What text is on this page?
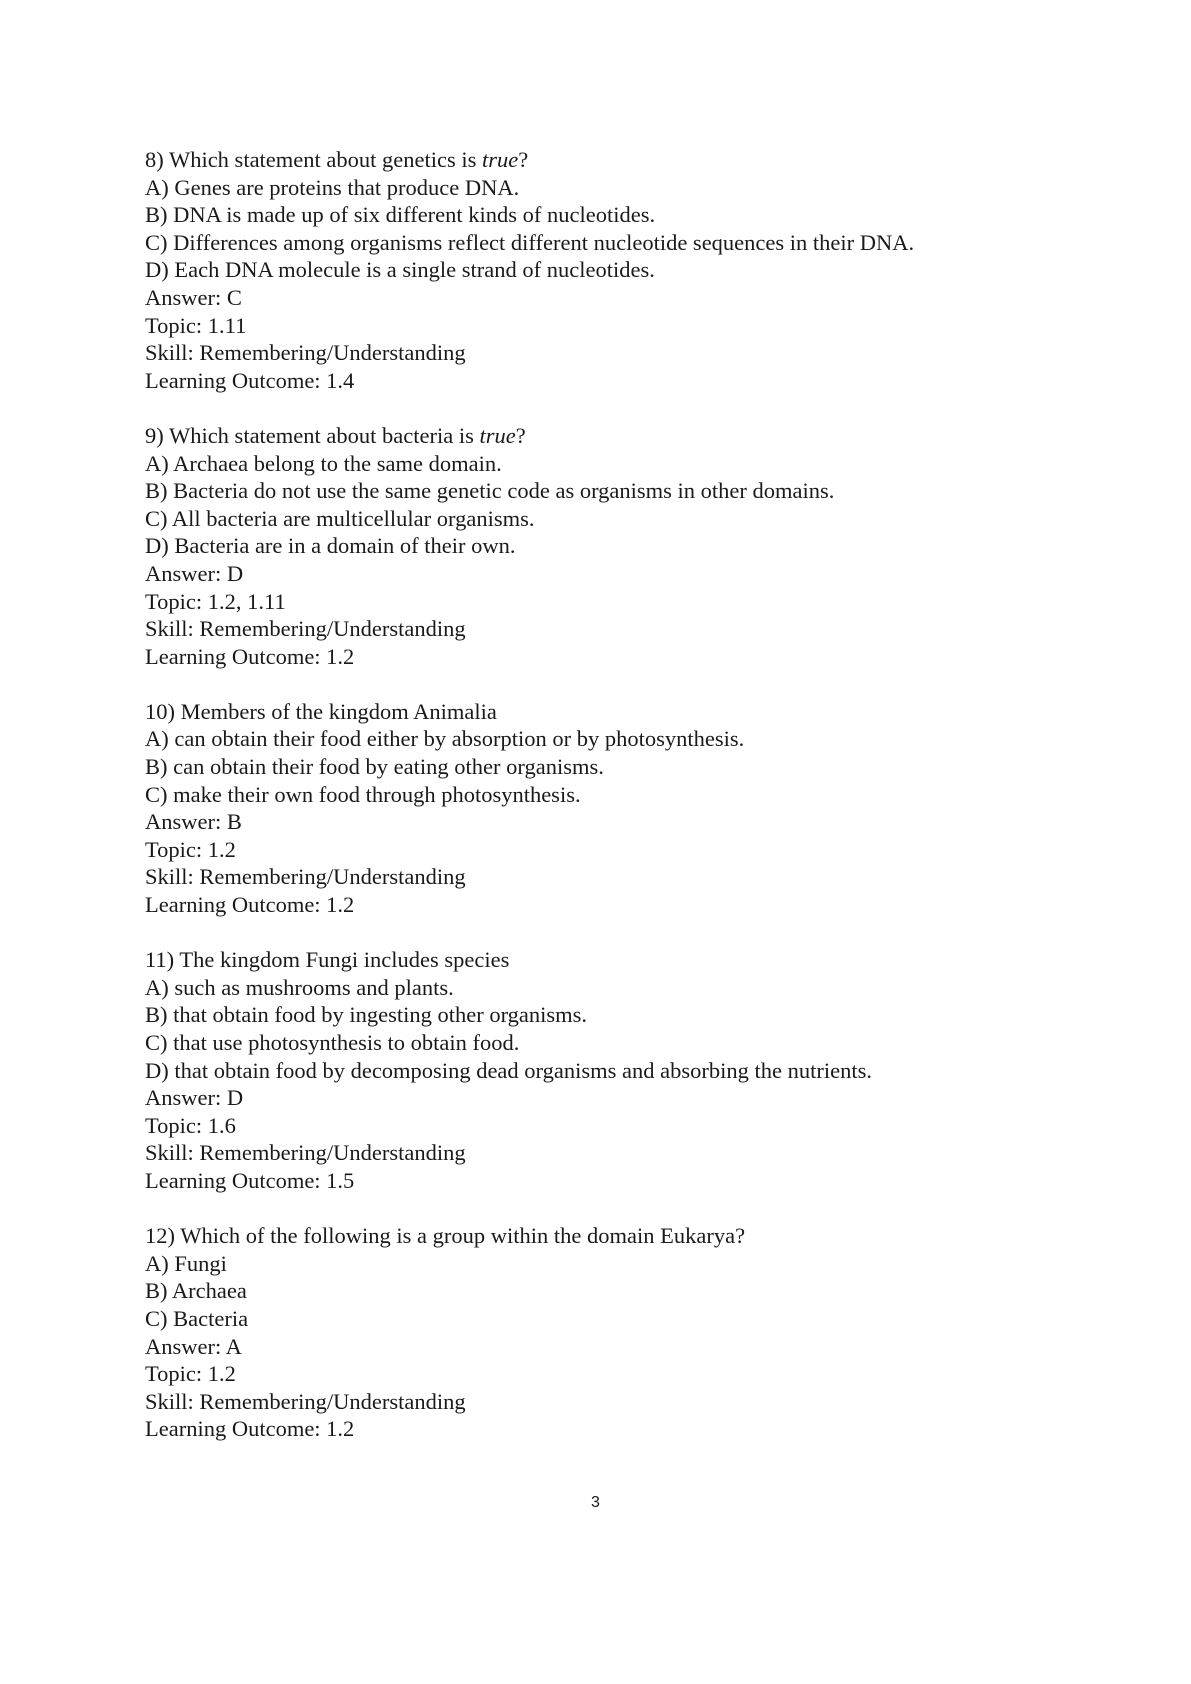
8) Which statement about genetics is true?
A) Genes are proteins that produce DNA.
B) DNA is made up of six different kinds of nucleotides.
C) Differences among organisms reflect different nucleotide sequences in their DNA.
D) Each DNA molecule is a single strand of nucleotides.
Answer: C
Topic: 1.11
Skill: Remembering/Understanding
Learning Outcome: 1.4
9) Which statement about bacteria is true?
A) Archaea belong to the same domain.
B) Bacteria do not use the same genetic code as organisms in other domains.
C) All bacteria are multicellular organisms.
D) Bacteria are in a domain of their own.
Answer: D
Topic: 1.2, 1.11
Skill: Remembering/Understanding
Learning Outcome: 1.2
10) Members of the kingdom Animalia
A) can obtain their food either by absorption or by photosynthesis.
B) can obtain their food by eating other organisms.
C) make their own food through photosynthesis.
Answer: B
Topic: 1.2
Skill: Remembering/Understanding
Learning Outcome: 1.2
11) The kingdom Fungi includes species
A) such as mushrooms and plants.
B) that obtain food by ingesting other organisms.
C) that use photosynthesis to obtain food.
D) that obtain food by decomposing dead organisms and absorbing the nutrients.
Answer: D
Topic: 1.6
Skill: Remembering/Understanding
Learning Outcome: 1.5
12) Which of the following is a group within the domain Eukarya?
A) Fungi
B) Archaea
C) Bacteria
Answer: A
Topic: 1.2
Skill: Remembering/Understanding
Learning Outcome: 1.2
3
